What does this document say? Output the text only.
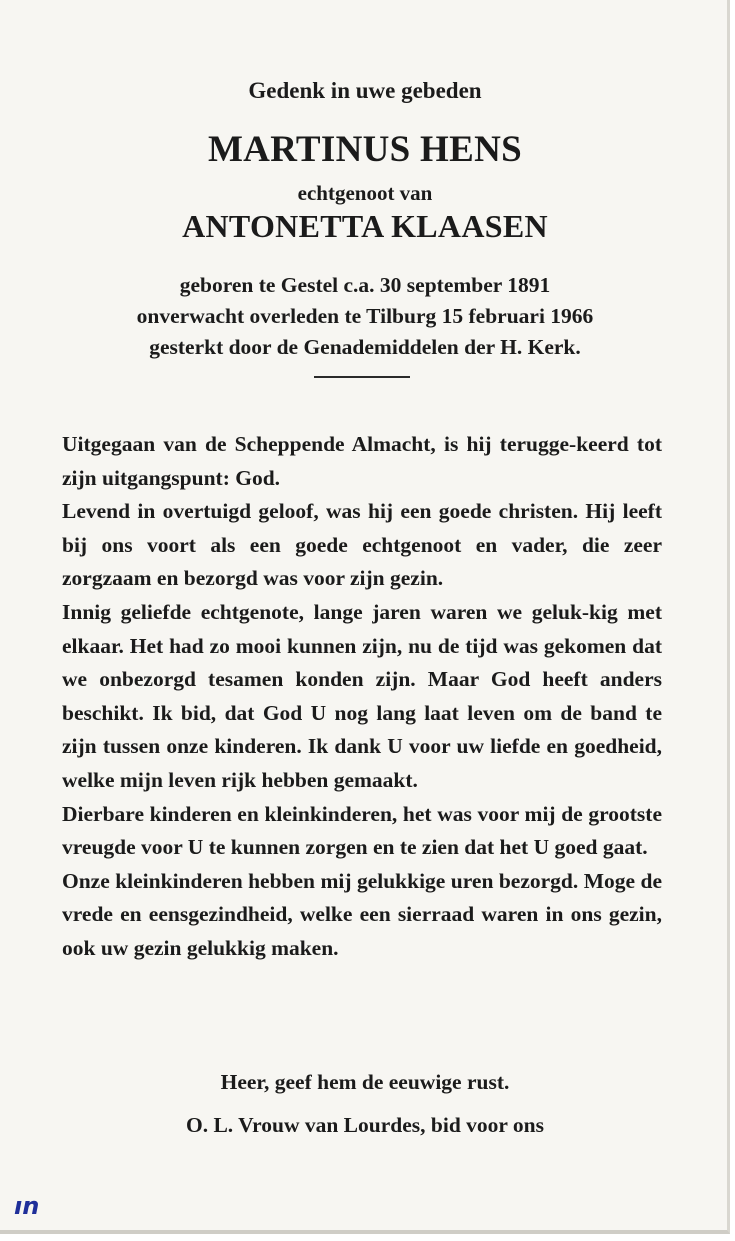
Gedenk in uwe gebeden
MARTINUS HENS
echtgenoot van
ANTONETTA KLAASEN
geboren te Gestel c.a. 30 september 1891
onverwacht overleden te Tilburg 15 februari 1966
gesterkt door de Genademiddelen der H. Kerk.
Uitgegaan van de Scheppende Almacht, is hij terugge-keerd tot zijn uitgangspunt: God.
Levend in overtuigd geloof, was hij een goede christen. Hij leeft bij ons voort als een goede echtgenoot en vader, die zeer zorgzaam en bezorgd was voor zijn gezin.
Innig geliefde echtgenote, lange jaren waren we geluk-kig met elkaar. Het had zo mooi kunnen zijn, nu de tijd was gekomen dat we onbezorgd tesamen konden zijn. Maar God heeft anders beschikt. Ik bid, dat God U nog lang laat leven om de band te zijn tussen onze kinderen. Ik dank U voor uw liefde en goedheid, welke mijn leven rijk hebben gemaakt.
Dierbare kinderen en kleinkinderen, het was voor mij de grootste vreugde voor U te kunnen zorgen en te zien dat het U goed gaat.
Onze kleinkinderen hebben mij gelukkige uren bezorgd. Moge de vrede en eensgezindheid, welke een sierraad waren in ons gezin, ook uw gezin gelukkig maken.
Heer, geef hem de eeuwige rust.
O. L. Vrouw van Lourdes, bid voor ons
ın
